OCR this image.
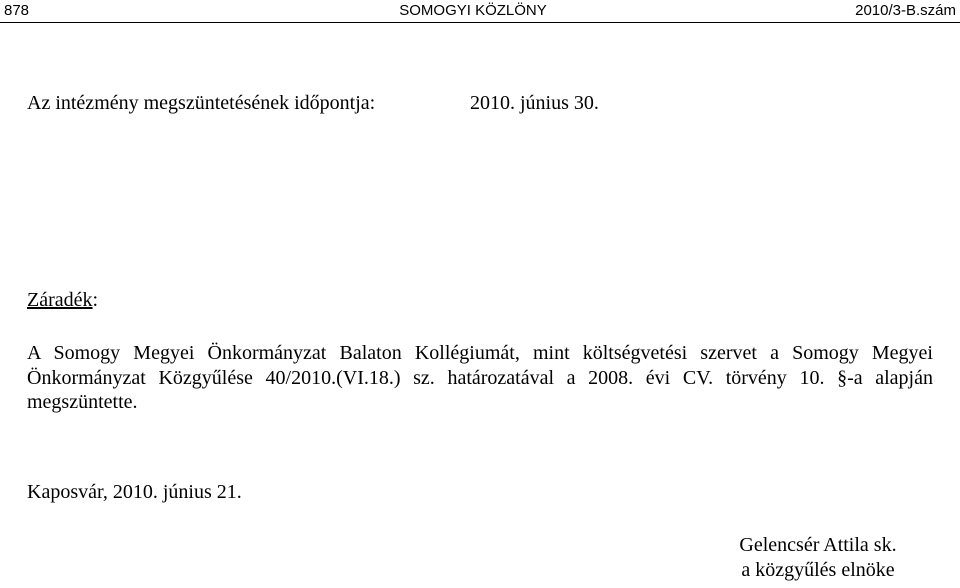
878	SOMOGYI KÖZLÖNY	2010/3-B.szám
Az intézmény megszüntetésének időpontja:	2010. június 30.
Záradék:
A Somogy Megyei Önkormányzat Balaton Kollégiumát, mint költségvetési szervet a Somogy Megyei Önkormányzat Közgyűlése 40/2010.(VI.18.) sz. határozatával a 2008. évi CV. törvény 10. §-a alapján megszüntette.
Kaposvár, 2010. június 21.
Gelencsér Attila sk.
a közgyűlés elnöke
